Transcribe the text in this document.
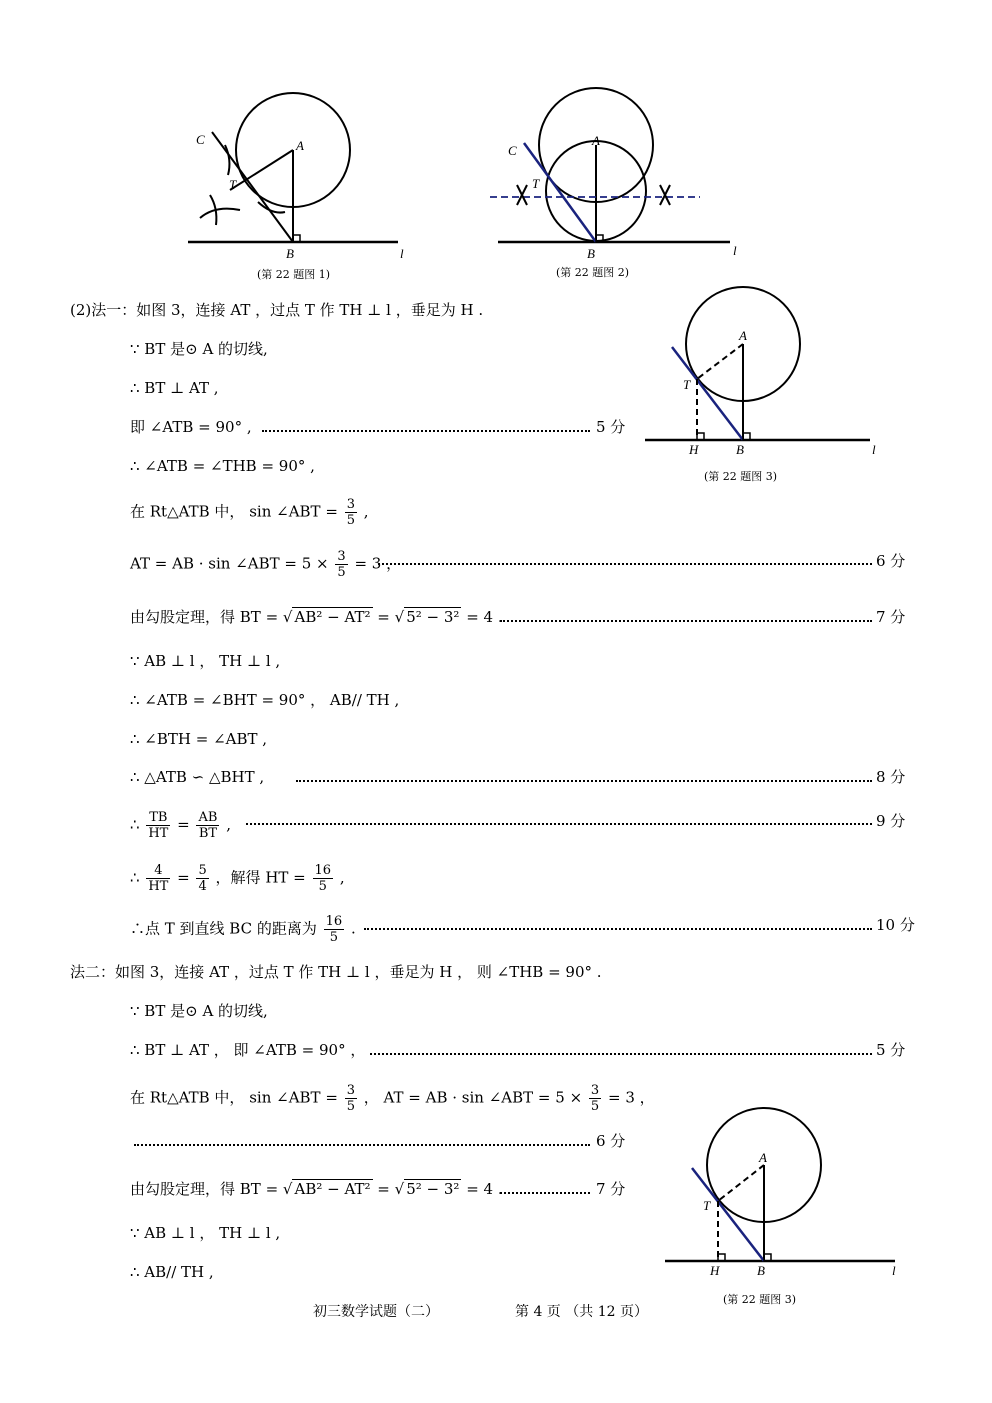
C	A
T
B	l
(第 22 题图 1)
C
A
T
B	l
(第 22 题图 2)
A
T
H	B	l
(第 22 题图 3)
A
T
H	B	l
(第 22 题图 3)
(2)法一：如图 3，连接 AT ，过点 T 作 TH ⊥ l ，垂足为 H .
∵ BT 是⊙ A 的切线,
∴ BT ⊥ AT ,
即 ∠ATB = 90° ,	5 分
∴ ∠ATB = ∠THB = 90° ,
在 Rt△ATB 中， sin ∠ABT = $\frac{3}{5}$ ,
AT = AB · sin ∠ABT = $5 \times \frac{3}{5} = 3$ ，	6 分
由勾股定理，得 BT = √ AB² − AT² = √ 5² − 3² = 4 .	7 分
∵ AB ⊥ l ， TH ⊥ l ,
∴ ∠ATB = ∠BHT = 90° ， AB// TH ,
∴ ∠BTH = ∠ABT ,
∴ △ATB ∽ △BHT ,	8 分
∴ $\frac{TB}{HT} = \frac{AB}{BT}$ ,	9 分
∴ $\frac{4}{HT} = \frac{5}{4}$ ，解得 HT = $\frac{16}{5}$ ,
∴点 T 到直线 BC 的距离为 $\frac{16}{5}$ .	10 分
法二：如图 3，连接 AT ，过点 T 作 TH ⊥ l ，垂足为 H ， 则 ∠THB = 90° .
∵ BT 是⊙ A 的切线,
∴ BT ⊥ AT ， 即 ∠ATB = 90° ，	5 分
在 Rt△ATB 中， sin ∠ABT = $\frac{3}{5}$ ， AT = AB · sin ∠ABT = $5 \times \frac{3}{5} = 3$ ，
6 分
由勾股定理，得 BT = √ AB² − AT² = √ 5² − 3² = 4 .	7 分
∵ AB ⊥ l ， TH ⊥ l ,
∴ AB// TH ,
初三数学试题（二）	第 4 页 （共 12 页）
